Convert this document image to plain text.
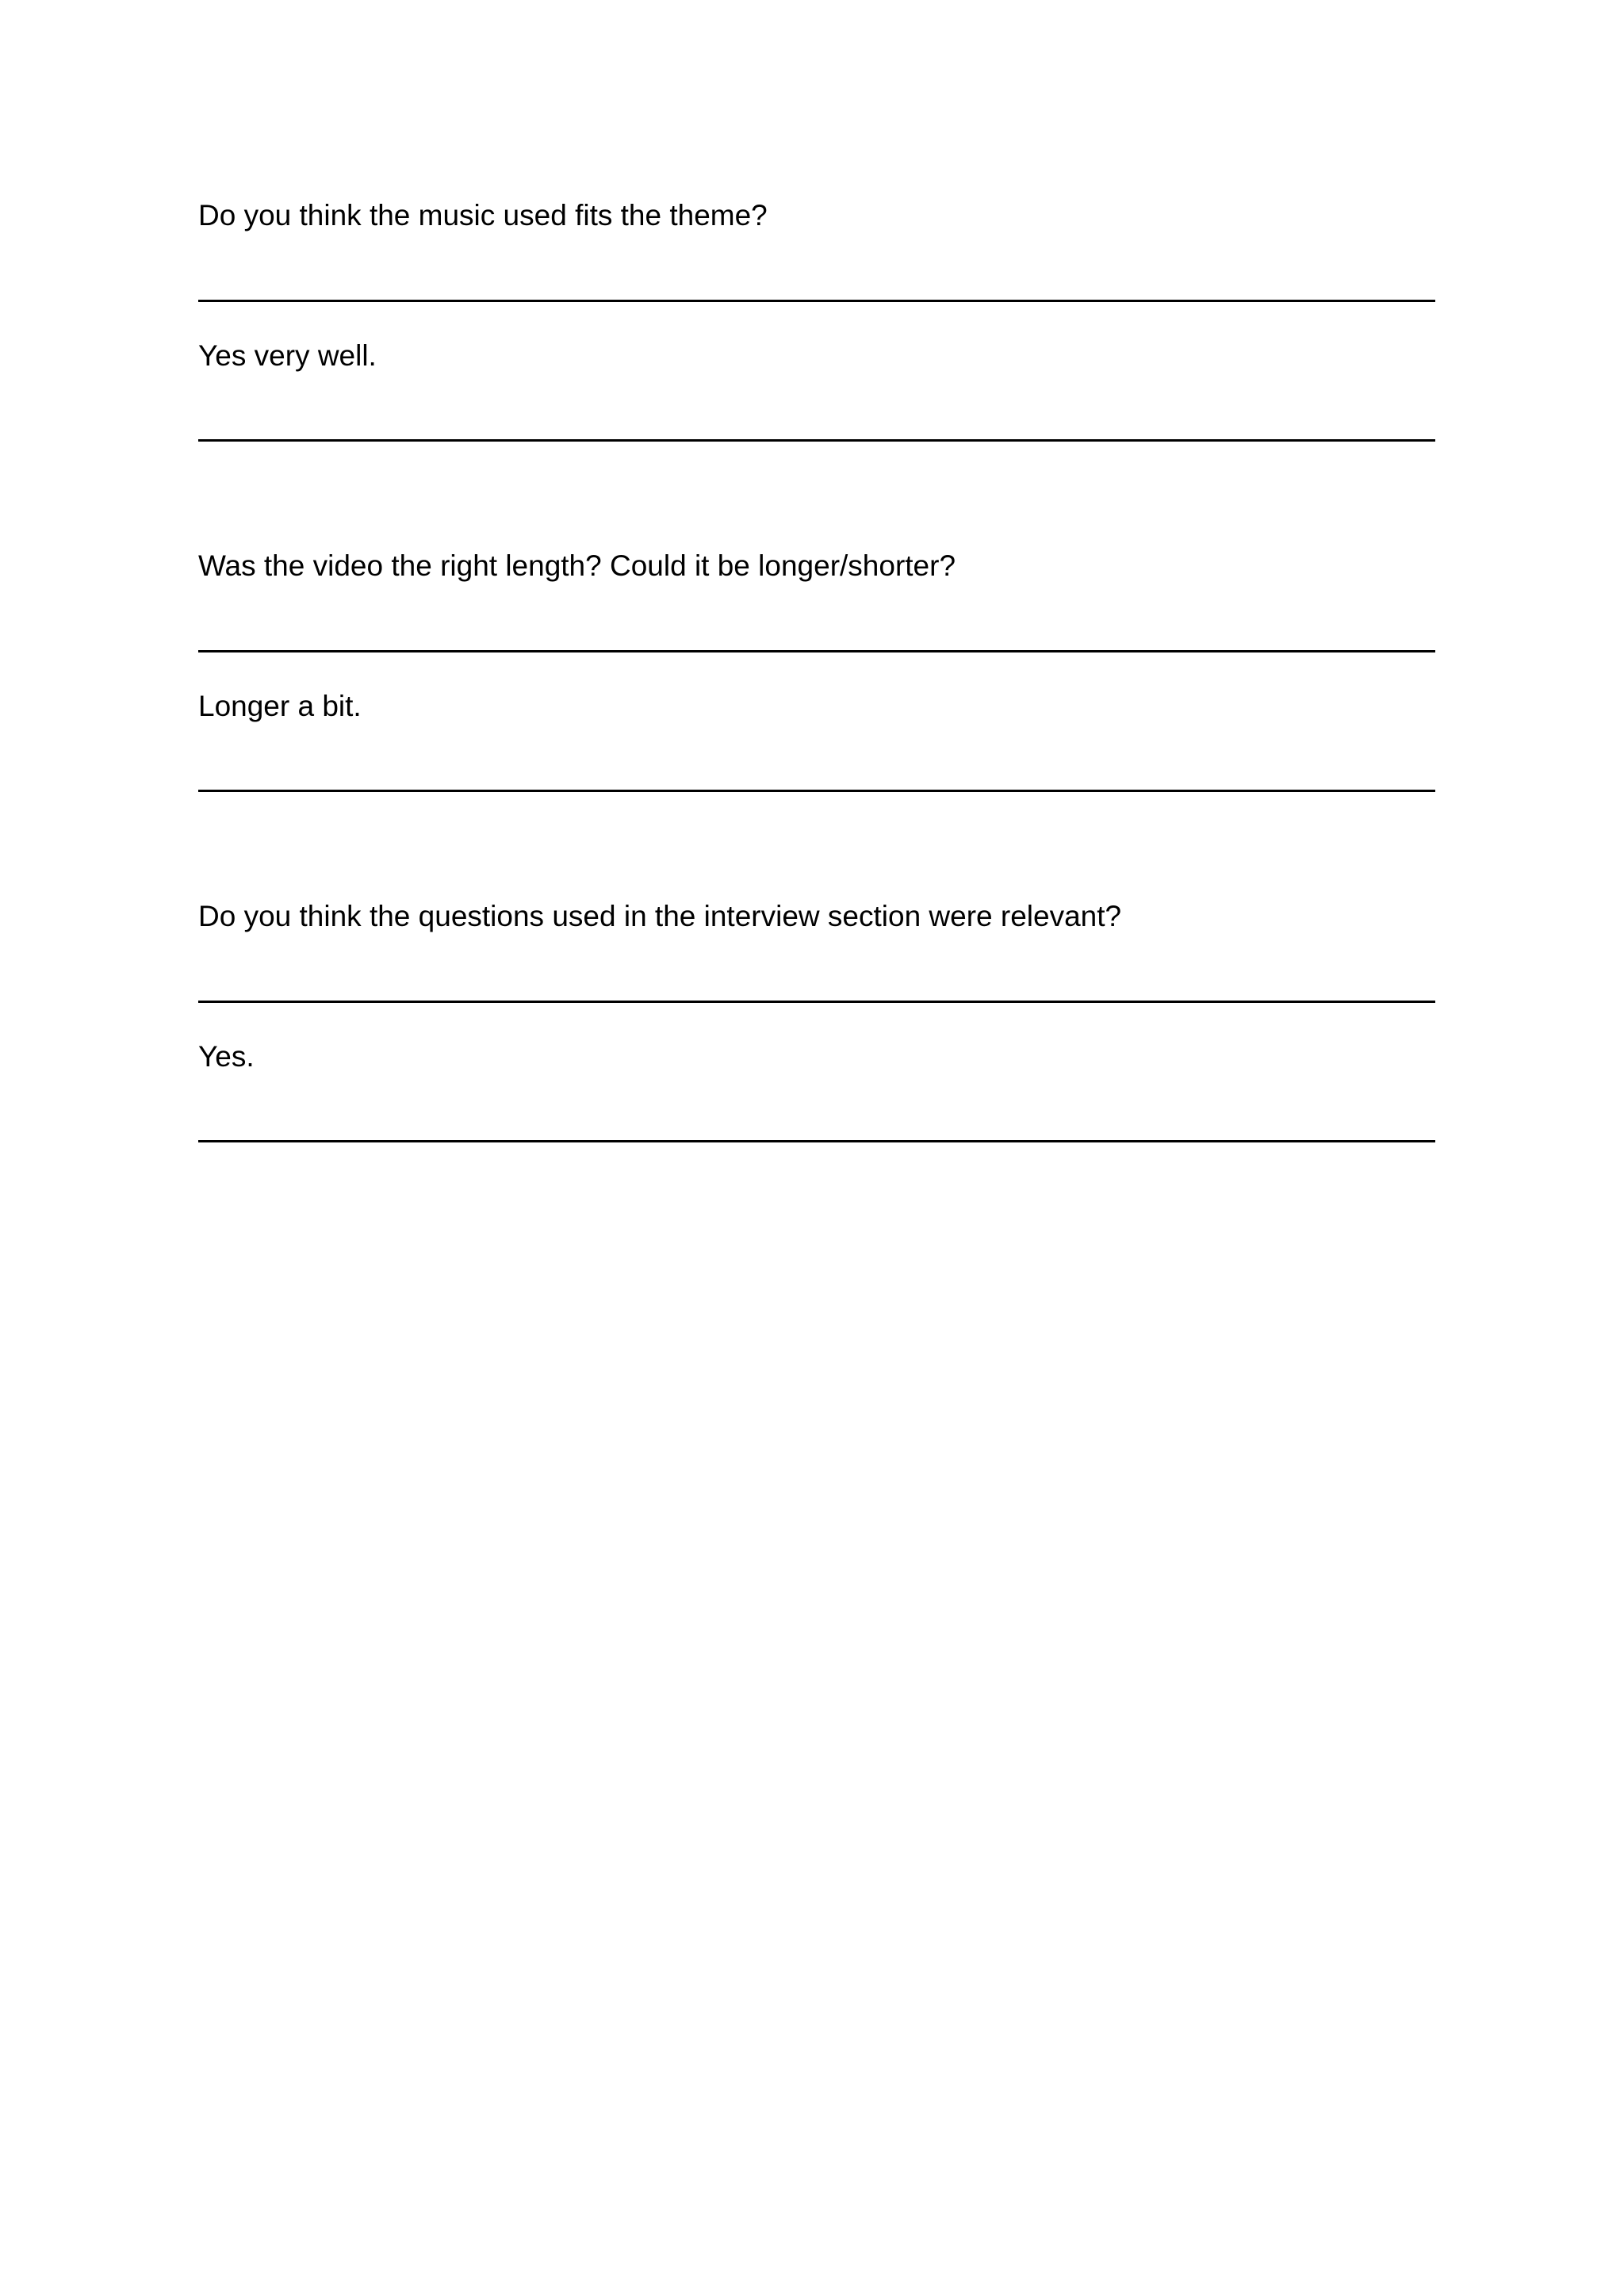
Do you think the music used fits the theme?
Yes very well.
Was the video the right length? Could it be longer/shorter?
Longer a bit.
Do you think the questions used in the interview section were relevant?
Yes.
